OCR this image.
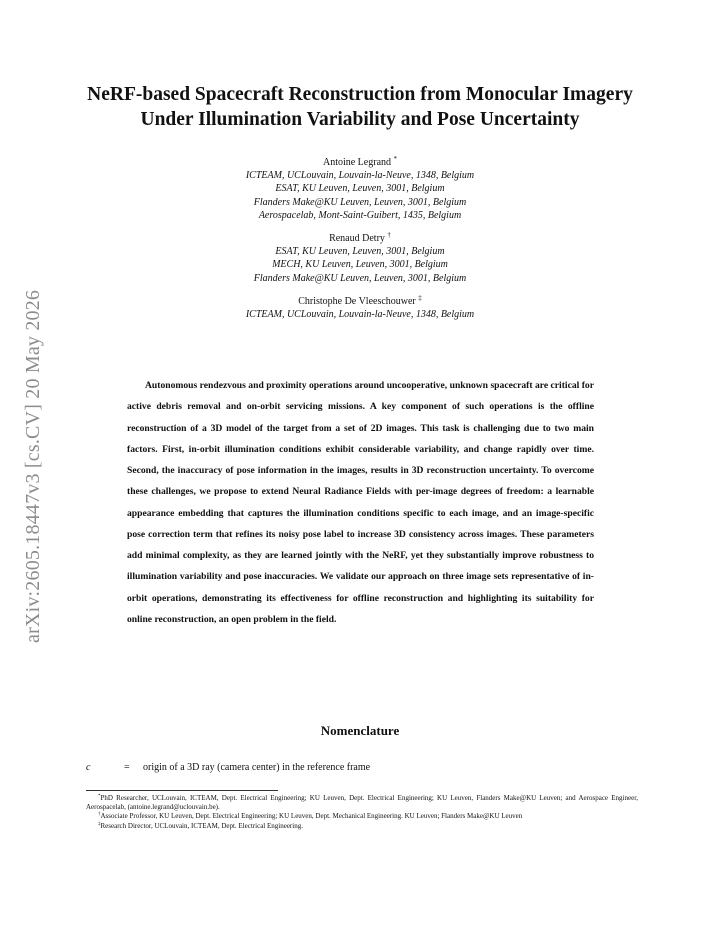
arXiv:2605.18447v3 [cs.CV] 20 May 2026
NeRF-based Spacecraft Reconstruction from Monocular Imagery Under Illumination Variability and Pose Uncertainty
Antoine Legrand *
ICTEAM, UCLouvain, Louvain-la-Neuve, 1348, Belgium
ESAT, KU Leuven, Leuven, 3001, Belgium
Flanders Make@KU Leuven, Leuven, 3001, Belgium
Aerospacelab, Mont-Saint-Guibert, 1435, Belgium
Renaud Detry †
ESAT, KU Leuven, Leuven, 3001, Belgium
MECH, KU Leuven, Leuven, 3001, Belgium
Flanders Make@KU Leuven, Leuven, 3001, Belgium
Christophe De Vleeschouwer ‡
ICTEAM, UCLouvain, Louvain-la-Neuve, 1348, Belgium
Autonomous rendezvous and proximity operations around uncooperative, unknown spacecraft are critical for active debris removal and on-orbit servicing missions. A key component of such operations is the offline reconstruction of a 3D model of the target from a set of 2D images. This task is challenging due to two main factors. First, in-orbit illumination conditions exhibit considerable variability, and change rapidly over time. Second, the inaccuracy of pose information in the images, results in 3D reconstruction uncertainty. To overcome these challenges, we propose to extend Neural Radiance Fields with per-image degrees of freedom: a learnable appearance embedding that captures the illumination conditions specific to each image, and an image-specific pose correction term that refines its noisy pose label to increase 3D consistency across images. These parameters add minimal complexity, as they are learned jointly with the NeRF, yet they substantially improve robustness to illumination variability and pose inaccuracies. We validate our approach on three image sets representative of in-orbit operations, demonstrating its effectiveness for offline reconstruction and highlighting its suitability for online reconstruction, an open problem in the field.
Nomenclature
c	= origin of a 3D ray (camera center) in the reference frame

*PhD Researcher, UCLouvain, ICTEAM, Dept. Electrical Engineering; KU Leuven, Dept. Electrical Engineering; KU Leuven, Flanders Make@KU Leuven; and Aerospace Engineer, Aerospacelab, (antoine.legrand@uclouvain.be).

†Associate Professor, KU Leuven, Dept. Electrical Engineering; KU Leuven, Dept. Mechanical Engineering. KU Leuven; Flanders Make@KU Leuven

‡Research Director, UCLouvain, ICTEAM, Dept. Electrical Engineering.
